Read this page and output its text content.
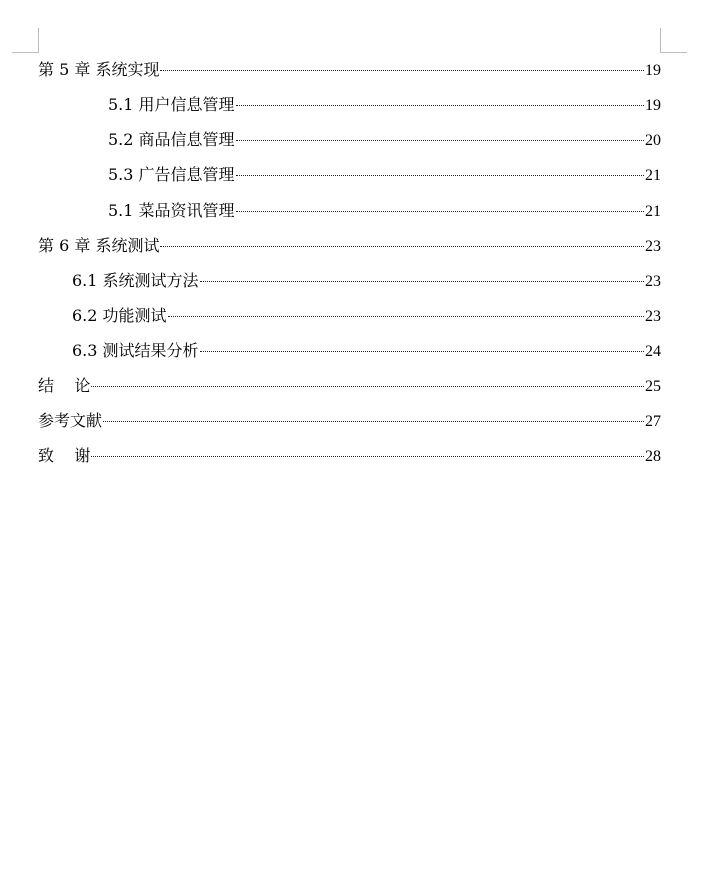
第 5 章 系统实现	19
5.1 用户信息管理	19
5.2 商品信息管理	20
5.3 广告信息管理	21
5.1 菜品资讯管理	21
第 6 章 系统测试	23
6.1 系统测试方法	23
6.2 功能测试	23
6.3 测试结果分析	24
结    论	25
参考文献	27
致    谢	28
